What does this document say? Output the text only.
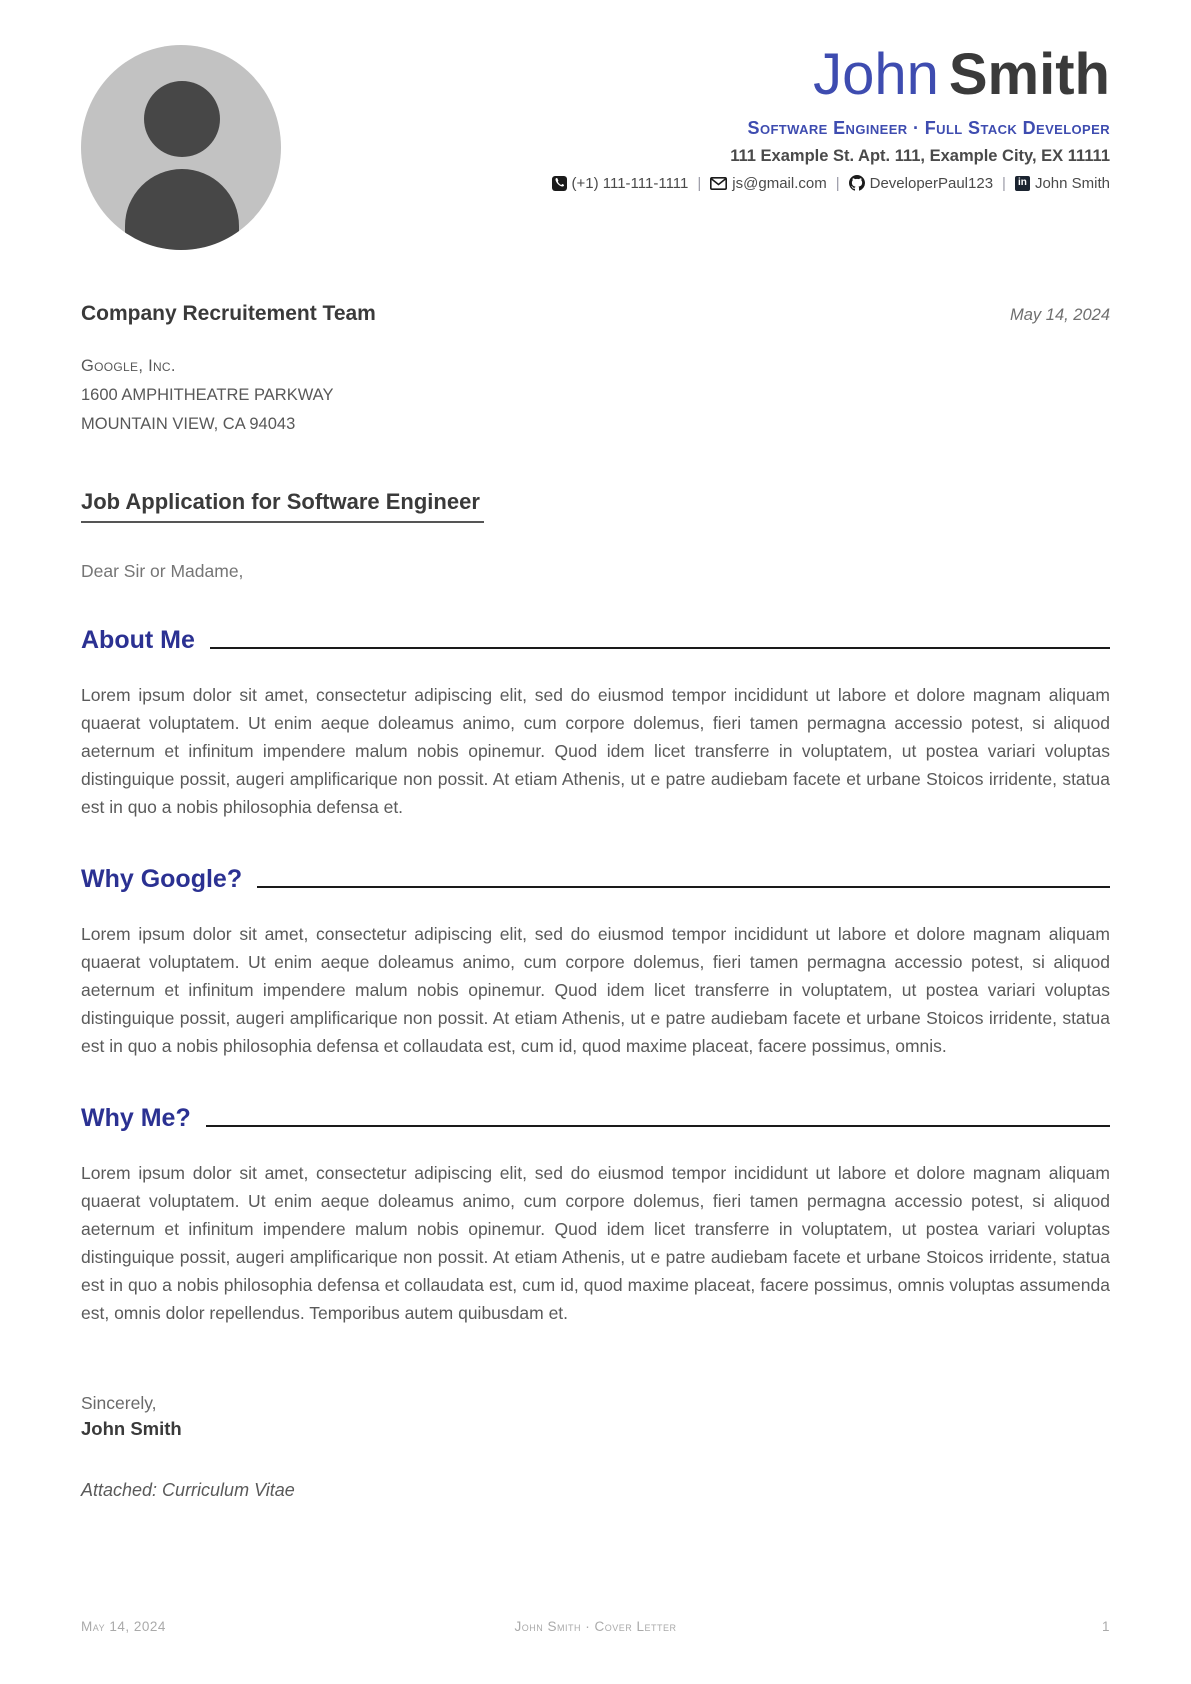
John Smith
Software Engineer · Full Stack Developer
111 Example St. Apt. 111, Example City, EX 11111
(+1) 111-111-1111 | js@gmail.com | DeveloperPaul123 |	in John Smith
Company Recruitement Team	May 14, 2024
Google, Inc.
1600 AMPHITHEATRE PARKWAY
MOUNTAIN VIEW, CA 94043
Job Application for Software Engineer
Dear Sir or Madame,
About Me
Lorem ipsum dolor sit amet, consectetur adipiscing elit, sed do eiusmod tempor incididunt ut labore et dolore magnam aliquam quaerat voluptatem. Ut enim aeque doleamus animo, cum corpore dolemus, fieri tamen permagna accessio potest, si aliquod aeternum et infinitum impendere malum nobis opinemur. Quod idem licet transferre in voluptatem, ut postea variari voluptas distinguique possit, augeri amplificarique non possit. At etiam Athenis, ut e patre audiebam facete et urbane Stoicos irridente, statua est in quo a nobis philosophia defensa et.
Why Google?
Lorem ipsum dolor sit amet, consectetur adipiscing elit, sed do eiusmod tempor incididunt ut labore et dolore magnam aliquam quaerat voluptatem. Ut enim aeque doleamus animo, cum corpore dolemus, fieri tamen permagna accessio potest, si aliquod aeternum et infinitum impendere malum nobis opinemur. Quod idem licet transferre in voluptatem, ut postea variari voluptas distinguique possit, augeri amplificarique non possit. At etiam Athenis, ut e patre audiebam facete et urbane Stoicos irridente, statua est in quo a nobis philosophia defensa et collaudata est, cum id, quod maxime placeat, facere possimus, omnis.
Why Me?
Lorem ipsum dolor sit amet, consectetur adipiscing elit, sed do eiusmod tempor incididunt ut labore et dolore magnam aliquam quaerat voluptatem. Ut enim aeque doleamus animo, cum corpore dolemus, fieri tamen permagna accessio potest, si aliquod aeternum et infinitum impendere malum nobis opinemur. Quod idem licet transferre in voluptatem, ut postea variari voluptas distinguique possit, augeri amplificarique non possit. At etiam Athenis, ut e patre audiebam facete et urbane Stoicos irridente, statua est in quo a nobis philosophia defensa et collaudata est, cum id, quod maxime placeat, facere possimus, omnis voluptas assumenda est, omnis dolor repellendus. Temporibus autem quibusdam et.
Sincerely,
John Smith
Attached: Curriculum Vitae
May 14, 2024	John Smith · Cover Letter	1
